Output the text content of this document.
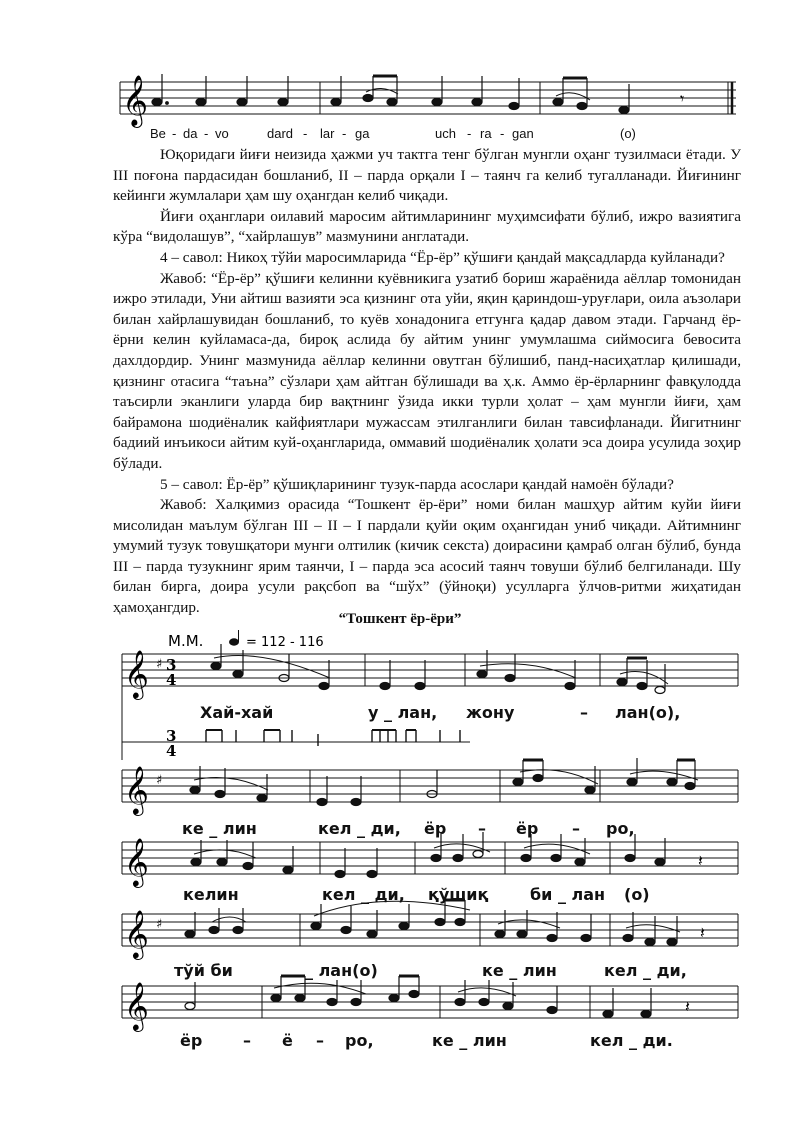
𝄞	𝄾
Be - da - vo	dard - lar - ga	uch - ra - gan	(o)

Юқоридаги йиғи неизида ҳажми уч тактга тенг бўлган мунгли оҳанг тузилмаси ётади. У III поғона пардасидан бошланиб, II – парда орқали I – таянч га келиб тугалланади. Йиғининг кейинги жумлалари ҳам шу оҳангдан келиб чиқади.

Йиғи оҳанглари оилавий маросим айтимларининг муҳимсифати бўлиб, ижро вазиятига кўра “видолашув”, “хайрлашув” мазмунини англатади.

4 – савол: Никоҳ тўйи маросимларида “Ёр-ёр” қўшиғи қандай мақсадларда куйланади?

Жавоб: “Ёр-ёр” қўшиғи келинни куёвникига узатиб бориш жараёнида аёллар томонидан ижро этилади, Уни айтиш вазияти эса қизнинг ота уйи, яқин қариндош-уруғлари, оила аъзолари билан хайрлашувидан бошланиб, то куёв хонадонига етгунга қадар давом этади. Гарчанд ёр-ёрни келин куйламаса-да, бироқ аслида бу айтим унинг умумлашма сиймосига бевосита дахлдордир. Унинг мазмунида аёллар келинни овутган бўлишиб, панд-насиҳатлар қилишади, қизнинг отасига “таъна” сўзлари ҳам айтган бўлишади ва ҳ.к. Аммо ёр-ёрларнинг фавқулодда таъсирли эканлиги уларда бир вақтнинг ўзида икки турли ҳолат – ҳам мунгли йиғи, ҳам байрамона шодиёналик кайфиятлари мужассам этилганлиги билан тавсифланади. Йигитнинг бадиий инъикоси айтим куй-оҳангларида, оммавий шодиёналик ҳолати эса доира усулида зоҳир бўлади.

5 – савол: Ёр-ёр” қўшиқларининг тузук-парда асослари қандай намоён бўлади?

Жавоб: Халқимиз орасида “Тошкент ёр-ёри” номи билан машҳур айтим куйи йиғи мисолидан маълум бўлган III – II – I пардали қуйи оқим оҳангидан униб чиқади. Айтимнинг умумий тузук товушқатори мунги олтилик (кичик секста) доирасини қамраб олган бўлиб, бунда III – парда тузукнинг ярим таянчи, I – парда эса асосий таянч товуши бўлиб белгиланади. Шу билан бирга, доира усули рақсбоп ва “шўх” (ўйноқи) усулларга ўлчов-ритми жиҳатидан ҳамоҳангдир.

“Тошкент ёр-ёри”
M.M.	= 112 - 116
𝄞 ♯ 3
4
Хай-хай	у _ лан, жону	– лан(о),
3
4
𝄞 ♯
ке _ лин	кел _ ди, ёр – ёр – ро,
𝄞	𝄽
келин	кел _ ди, қўшиқ	би _ лан (о)
𝄞 ♯	𝄽
тўй би	_ лан(о)	ке _ лин	кел _ ди,
𝄞	𝄽
ёр	– ё – ро,	ке _ лин	кел _ ди.
